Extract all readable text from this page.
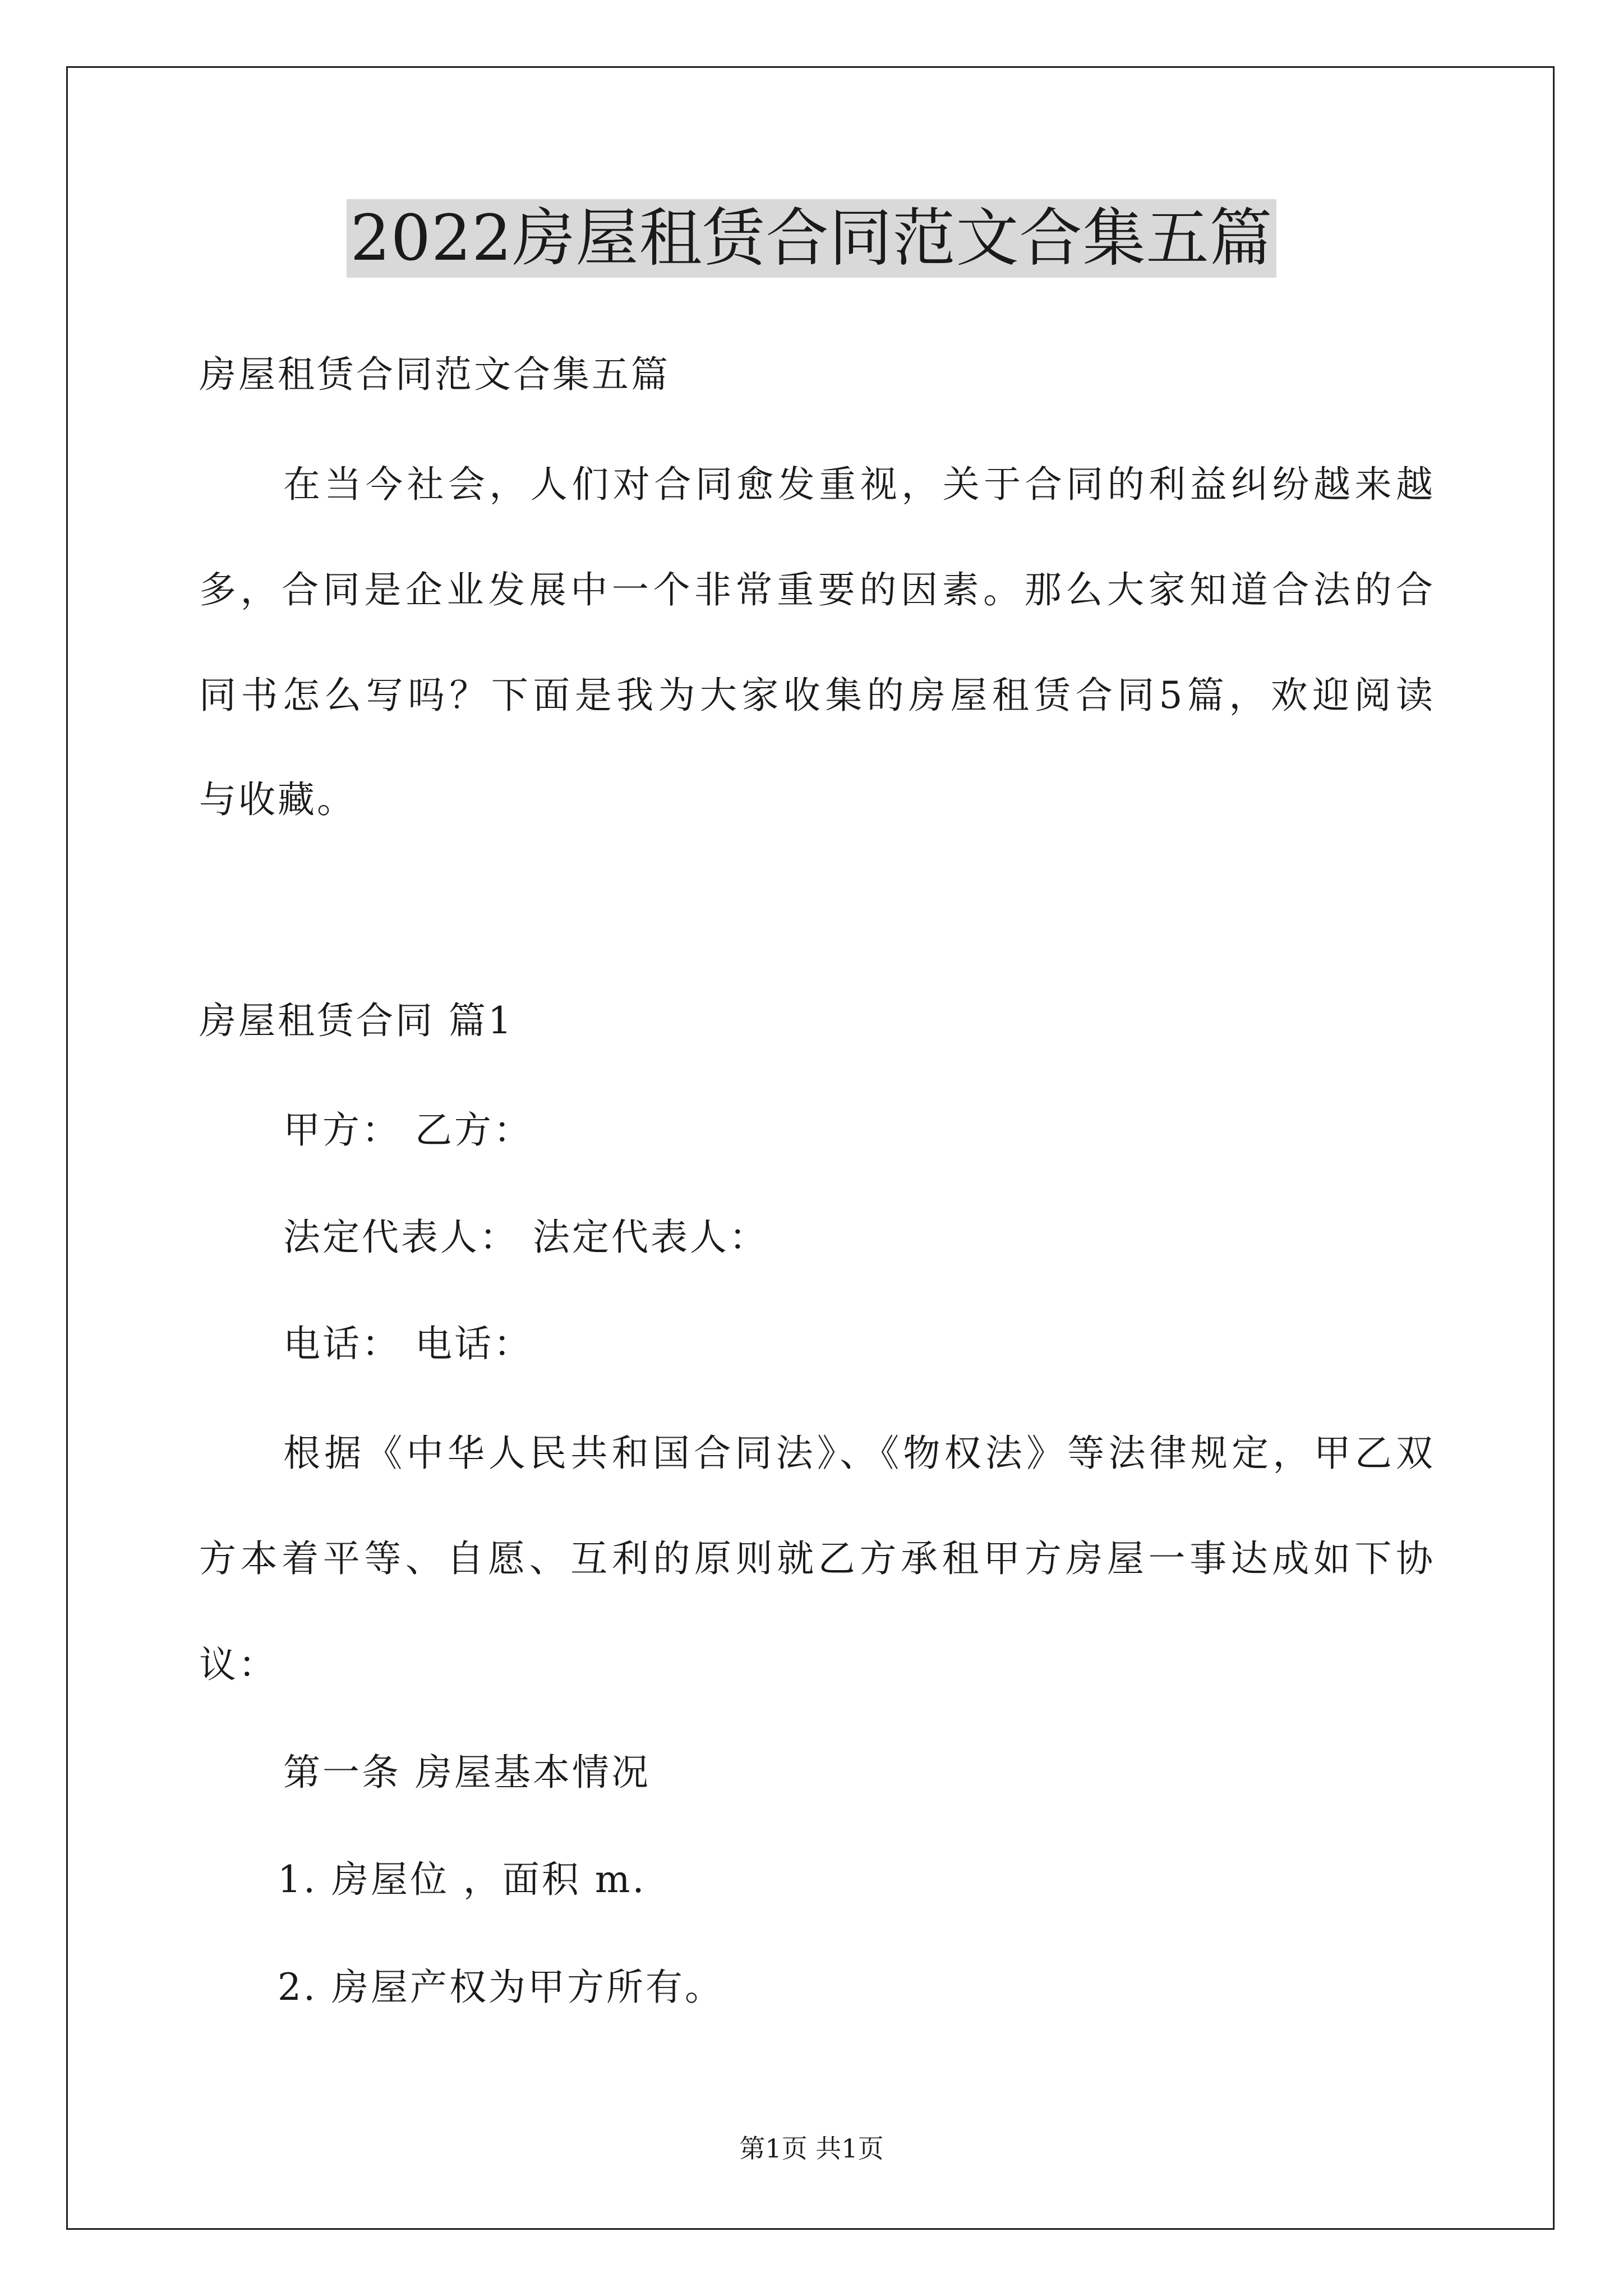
2022房屋租赁合同范文合集五篇
房屋租赁合同范文合集五篇
在当今社会，人们对合同愈发重视，关于合同的利益纠纷越来越
多，合同是企业发展中一个非常重要的因素。那么大家知道合法的合
同书怎么写吗？下面是我为大家收集的房屋租赁合同5篇，欢迎阅读
与收藏。
房屋租赁合同 篇1
甲方： 乙方：
法定代表人： 法定代表人：
电话： 电话：
根据《中华人民共和国合同法》、《物权法》等法律规定，甲乙双
方本着平等、自愿、互利的原则就乙方承租甲方房屋一事达成如下协
议：
第一条 房屋基本情况
1. 房屋位 ，面积 m.
2. 房屋产权为甲方所有。
第1页 共1页
